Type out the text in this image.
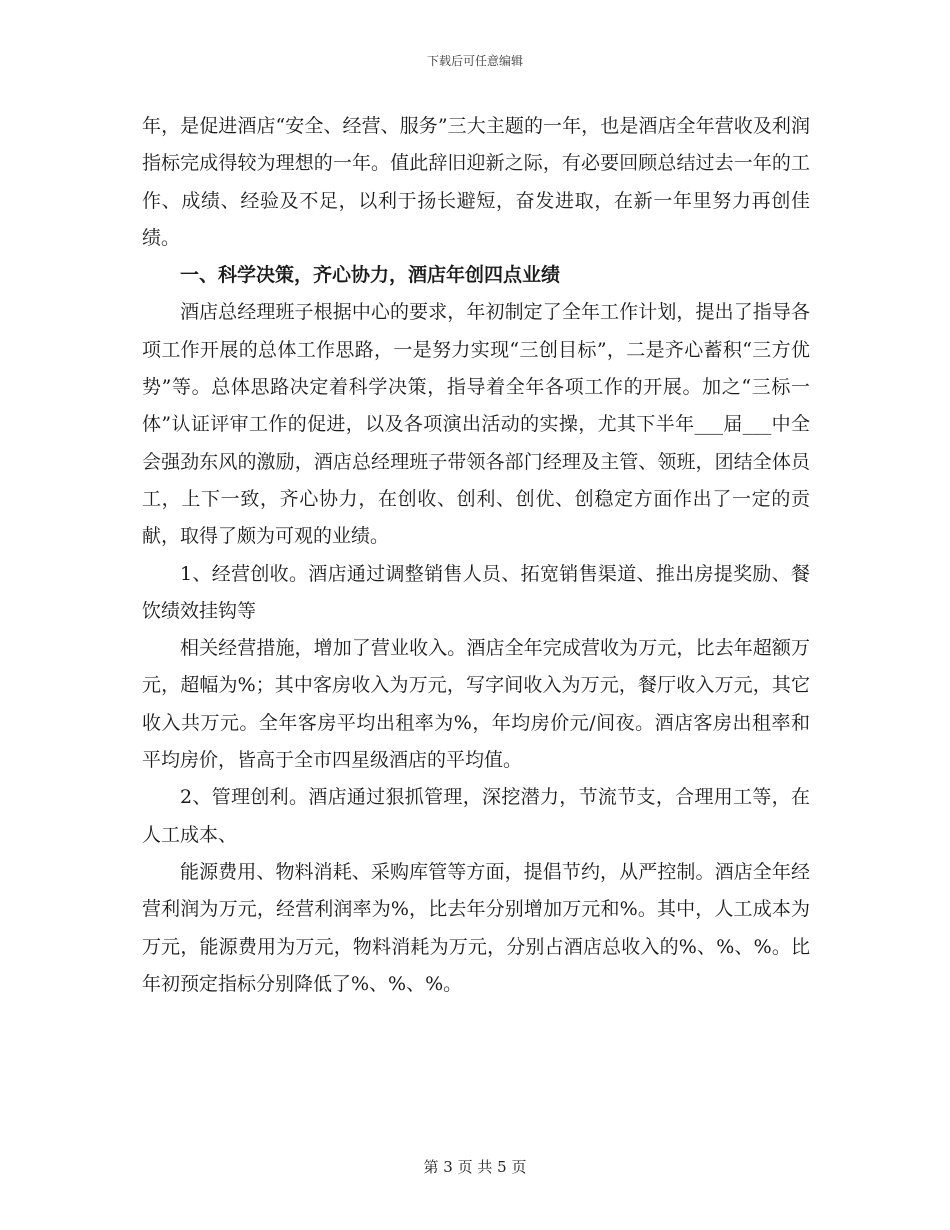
下载后可任意编辑

年，是促进酒店“安全、经营、服务”三大主题的一年，也是酒店全年营收及利润指标完成得较为理想的一年。值此辞旧迎新之际，有必要回顾总结过去一年的工作、成绩、经验及不足，以利于扬长避短，奋发进取，在新一年里努力再创佳绩。

一、科学决策，齐心协力，酒店年创四点业绩

酒店总经理班子根据中心的要求，年初制定了全年工作计划，提出了指导各项工作开展的总体工作思路，一是努力实现“三创目标”，二是齐心蓄积“三方优势”等。总体思路决定着科学决策，指导着全年各项工作的开展。加之“三标一体”认证评审工作的促进，以及各项演出活动的实操，尤其下半年___届___中全会强劲东风的激励，酒店总经理班子带领各部门经理及主管、领班，团结全体员工，上下一致，齐心协力，在创收、创利、创优、创稳定方面作出了一定的贡献，取得了颇为可观的业绩。

1、经营创收。酒店通过调整销售人员、拓宽销售渠道、推出房提奖励、餐饮绩效挂钩等

相关经营措施，增加了营业收入。酒店全年完成营收为万元，比去年超额万元，超幅为%；其中客房收入为万元，写字间收入为万元，餐厅收入万元，其它收入共万元。全年客房平均出租率为%，年均房价元/间夜。酒店客房出租率和平均房价，皆高于全市四星级酒店的平均值。

2、管理创利。酒店通过狠抓管理，深挖潜力，节流节支，合理用工等，在人工成本、

能源费用、物料消耗、采购库管等方面，提倡节约，从严控制。酒店全年经营利润为万元，经营利润率为%，比去年分别增加万元和%。其中，人工成本为万元，能源费用为万元，物料消耗为万元，分别占酒店总收入的%、%、%。比年初预定指标分别降低了%、%、%。

第 3 页 共 5 页
